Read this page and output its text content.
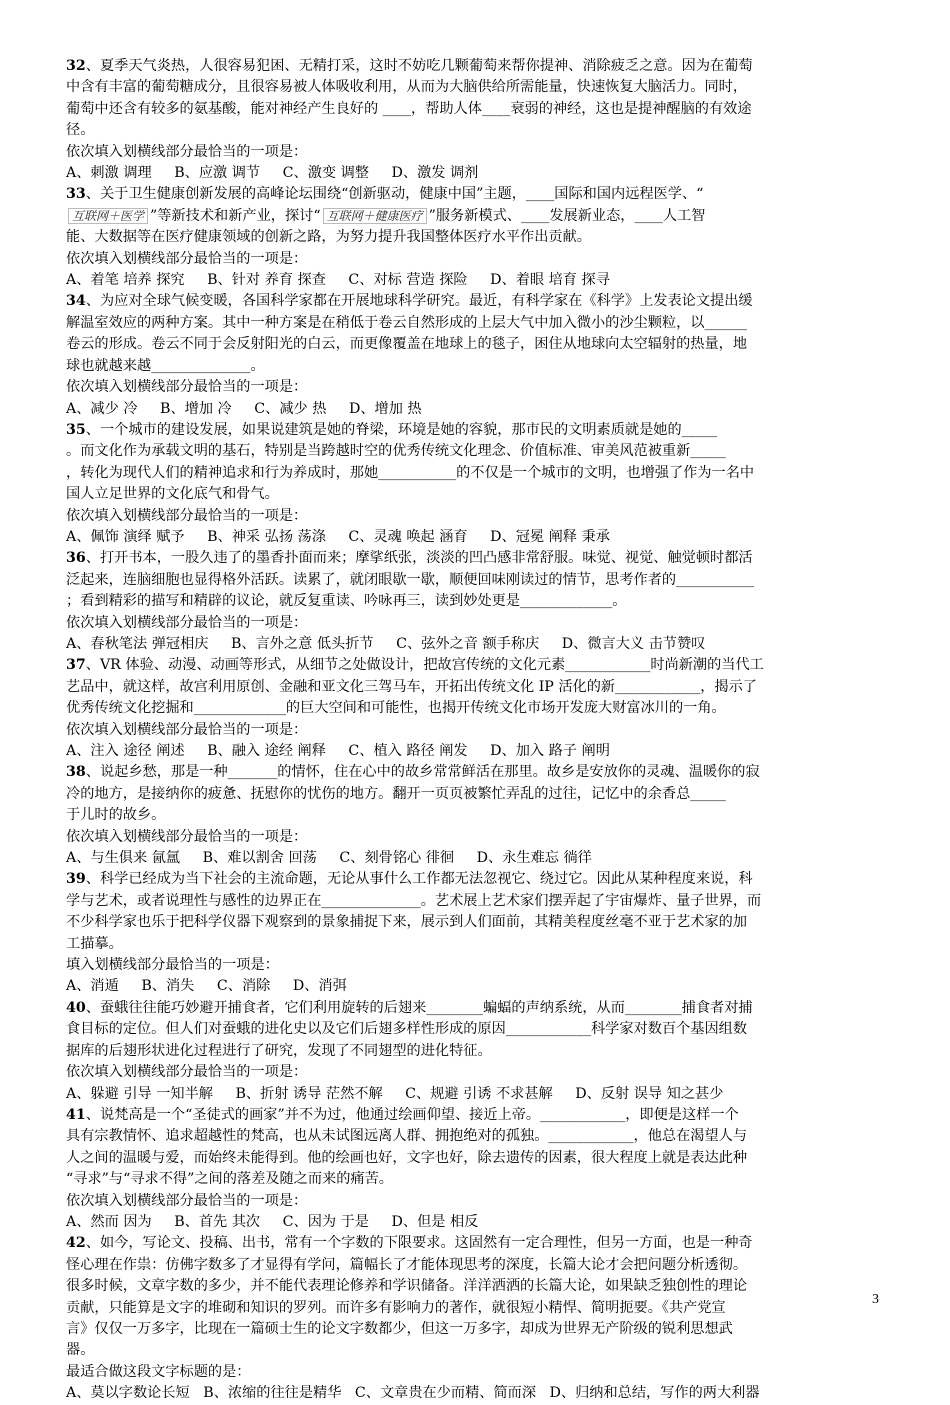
32、夏季天气炎热，人很容易犯困、无精打采，这时不妨吃几颗葡萄来帮你提神、消除疲乏之意。因为在葡萄
中含有丰富的葡萄糖成分，且很容易被人体吸收利用，从而为大脑供给所需能量，快速恢复大脑活力。同时，
葡萄中还含有较多的氨基酸，能对神经产生良好的 ____，帮助人体____衰弱的神经，这也是提神醒脑的有效途
径。
依次填入划横线部分最恰当的一项是：
A、刺激 调理     B、应激 调节     C、激变 调整     D、激发 调剂
33、关于卫生健康创新发展的高峰论坛围绕“创新驱动，健康中国”主题，____国际和国内远程医学、“
互联网＋医学 ”等新技术和新产业，探讨“ 互联网＋健康医疗 ”服务新模式、____发展新业态，____人工智
能、大数据等在医疗健康领域的创新之路，为努力提升我国整体医疗水平作出贡献。
依次填入划横线部分最恰当的一项是：
A、着笔 培养 探究     B、针对 养育 探查     C、对标 营造 探险     D、着眼 培育 探寻
34、为应对全球气候变暖，各国科学家都在开展地球科学研究。最近，有科学家在《科学》上发表论文提出缓
解温室效应的两种方案。其中一种方案是在稍低于卷云自然形成的上层大气中加入微小的沙尘颗粒，以______
卷云的形成。卷云不同于会反射阳光的白云，而更像覆盖在地球上的毯子，困住从地球向太空辐射的热量，地
球也就越来越______________。
依次填入划横线部分最恰当的一项是：
A、减少 冷     B、增加 冷     C、减少 热     D、增加 热
35、一个城市的建设发展，如果说建筑是她的脊梁，环境是她的容貌，那市民的文明素质就是她的_____
。而文化作为承载文明的基石，特别是当跨越时空的优秀传统文化理念、价值标准、审美风范被重新_____
，转化为现代人们的精神追求和行为养成时，那她___________的不仅是一个城市的文明，也增强了作为一名中
国人立足世界的文化底气和骨气。
依次填入划横线部分最恰当的一项是：
A、佩饰 演绎 赋予     B、神采 弘扬 荡涤     C、灵魂 唤起 涵育     D、冠冕 阐释 秉承
36、打开书本，一股久违了的墨香扑面而来；摩挲纸张，淡淡的凹凸感非常舒服。味觉、视觉、触觉顿时都活
泛起来，连脑细胞也显得格外活跃。读累了，就闭眼歇一歇，顺便回味刚读过的情节，思考作者的___________
；看到精彩的描写和精辟的议论，就反复重读、吟咏再三，读到妙处更是_____________。
依次填入划横线部分最恰当的一项是：
A、春秋笔法 弹冠相庆     B、言外之意 低头折节     C、弦外之音 额手称庆     D、微言大义 击节赞叹
37、VR 体验、动漫、动画等形式，从细节之处做设计，把故宫传统的文化元素____________时尚新潮的当代工
艺品中，就这样，故宫利用原创、金融和亚文化三驾马车，开拓出传统文化 IP 活化的新____________，揭示了
优秀传统文化挖掘和_____________的巨大空间和可能性，也揭开传统文化市场开发庞大财富冰川的一角。
依次填入划横线部分最恰当的一项是：
A、注入 途径 阐述     B、融入 途经 阐释     C、植入 路径 阐发     D、加入 路子 阐明
38、说起乡愁，那是一种_______的情怀，住在心中的故乡常常鲜活在那里。故乡是安放你的灵魂、温暖你的寂
冷的地方，是接纳你的疲惫、抚慰你的忧伤的地方。翻开一页页被繁忙弄乱的过往，记忆中的余香总_____
于儿时的故乡。
依次填入划横线部分最恰当的一项是：
A、与生俱来 氤氲     B、难以割舍 回荡     C、刻骨铭心 徘徊     D、永生难忘 徜徉
39、科学已经成为当下社会的主流命题，无论从事什么工作都无法忽视它、绕过它。因此从某种程度来说，科
学与艺术，或者说理性与感性的边界正在______________。艺术展上艺术家们摆弄起了宇宙爆炸、量子世界，而
不少科学家也乐于把科学仪器下观察到的景象捕捉下来，展示到人们面前，其精美程度丝毫不亚于艺术家的加
工描摹。
填入划横线部分最恰当的一项是：
A、消遁     B、消失     C、消除     D、消弭
40、蚕蛾往往能巧妙避开捕食者，它们利用旋转的后翅来________蝙蝠的声纳系统，从而________捕食者对捕
食目标的定位。但人们对蚕蛾的进化史以及它们后翅多样性形成的原因____________科学家对数百个基因组数
据库的后翅形状进化过程进行了研究，发现了不同翅型的进化特征。
依次填入划横线部分最恰当的一项是：
A、躲避 引导 一知半解     B、折射 诱导 茫然不解     C、规避 引诱 不求甚解     D、反射 误导 知之甚少
41、说梵高是一个“圣徒式的画家”并不为过，他通过绘画仰望、接近上帝。____________，即便是这样一个
具有宗教情怀、追求超越性的梵高，也从未试图远离人群、拥抱绝对的孤独。____________，他总在渴望人与
人之间的温暖与爱，而始终未能得到。他的绘画也好，文字也好，除去遗传的因素，很大程度上就是表达此种
“寻求”与“寻求不得”之间的落差及随之而来的痛苦。
依次填入划横线部分最恰当的一项是：
A、然而 因为     B、首先 其次     C、因为 于是     D、但是 相反
42、如今，写论文、投稿、出书，常有一个字数的下限要求。这固然有一定合理性，但另一方面，也是一种奇
怪心理在作祟：仿佛字数多了才显得有学问，篇幅长了才能体现思考的深度，长篇大论才会把问题分析透彻。
很多时候，文章字数的多少，并不能代表理论修养和学识储备。洋洋洒洒的长篇大论，如果缺乏独创性的理论
贡献，只能算是文字的堆砌和知识的罗列。而许多有影响力的著作，就很短小精悍、简明扼要。《共产党宣
言》仅仅一万多字，比现在一篇硕士生的论文字数都少，但这一万多字，却成为世界无产阶级的锐利思想武
器。
最适合做这段文字标题的是：
A、莫以字数论长短   B、浓缩的往往是精华   C、文章贵在少而精、简而深   D、归纳和总结，写作的两大利器
3
